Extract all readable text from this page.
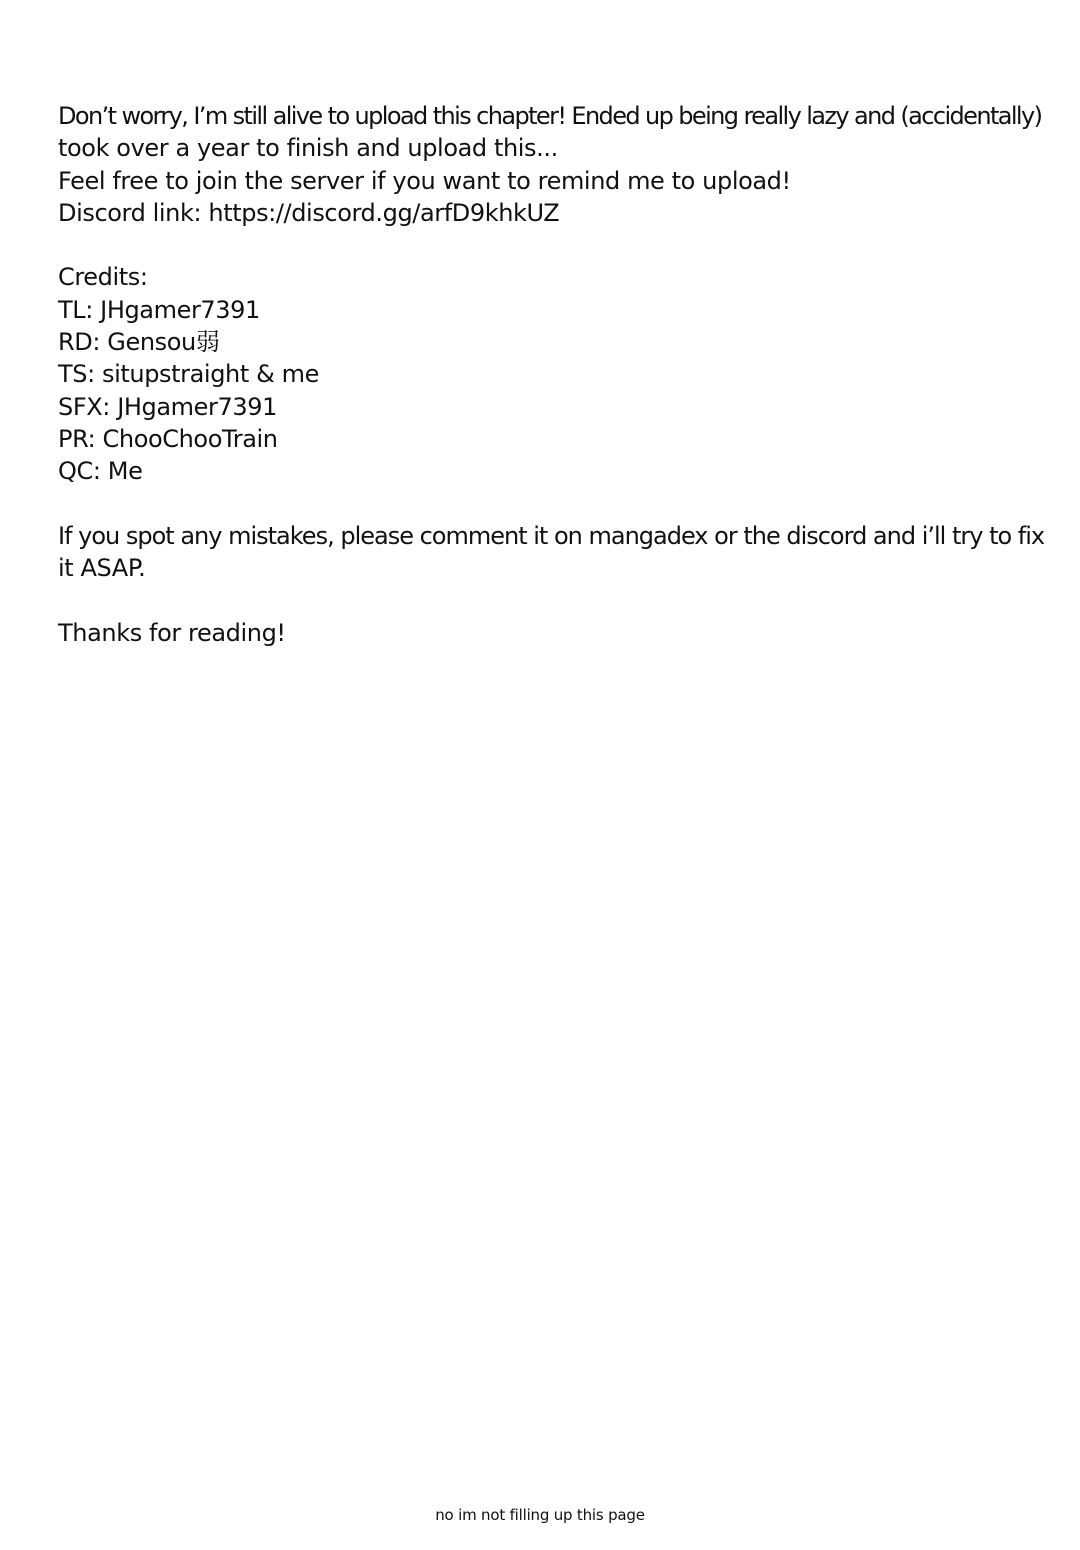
Don’t worry, I’m still alive to upload this chapter! Ended up being really lazy and (accidentally)
took over a year to finish and upload this...
Feel free to join the server if you want to remind me to upload!
Discord link: https://discord.gg/arfD9khkUZ
Credits:
TL: JHgamer7391
RD: Gensou弱
TS: situpstraight & me
SFX: JHgamer7391
PR: ChooChooTrain
QC: Me
If you spot any mistakes, please comment it on mangadex or the discord and i’ll try to fix
it ASAP.
Thanks for reading!
no im not filling up this page
